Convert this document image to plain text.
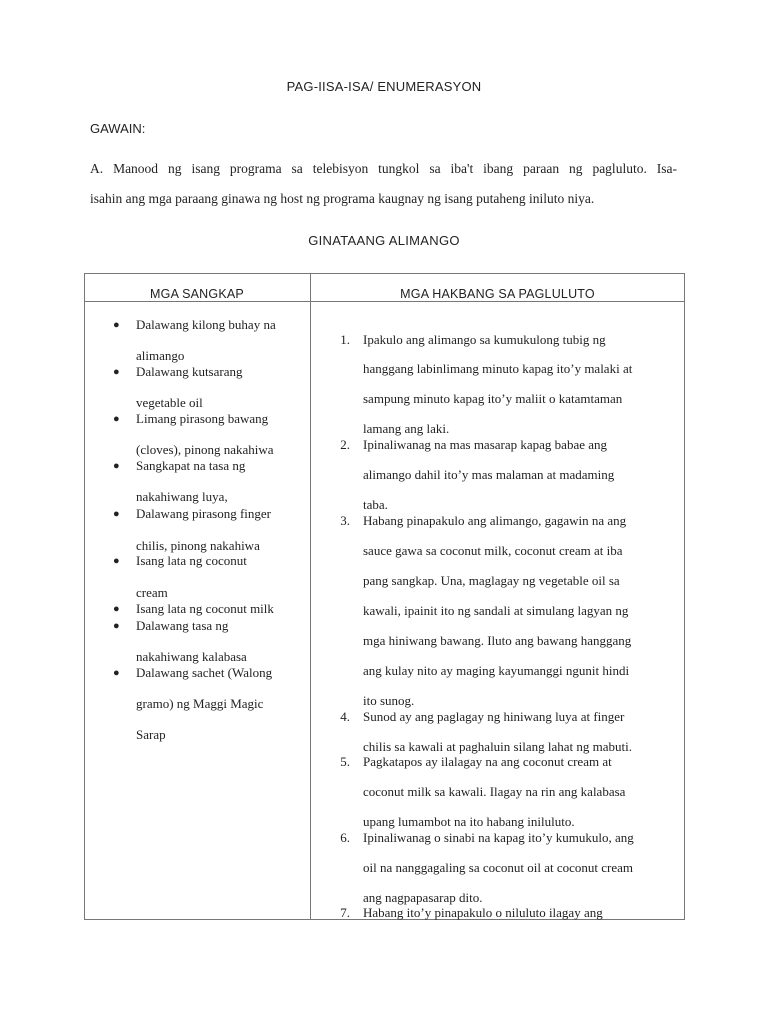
PAG-IISA-ISA/ ENUMERASYON

GAWAIN:

A. Manood ng isang programa sa telebisyon tungkol sa iba't ibang paraan ng pagluluto. Isa-

isahin ang mga paraang ginawa ng host ng programa kaugnay ng isang putaheng iniluto niya.

GINATAANG ALIMANGO

MGA SANGKAP	MGA HAKBANG SA PAGLULUTO

● Dalawang kilong buhay na

alimango

● Dalawang kutsarang

vegetable oil

● Limang pirasong bawang

(cloves), pinong nakahiwa

● Sangkapat na tasa ng

nakahiwang luya,

● Dalawang pirasong finger

chilis, pinong nakahiwa

● Isang lata ng coconut

cream

● Isang lata ng coconut milk

● Dalawang tasa ng

nakahiwang kalabasa

● Dalawang sachet (Walong

gramo) ng Maggi Magic

Sarap

1. Ipakulo ang alimango sa kumukulong tubig ng

hanggang labinlimang minuto kapag ito’y malaki at

sampung minuto kapag ito’y maliit o katamtaman

lamang ang laki.

2. Ipinaliwanag na mas masarap kapag babae ang

alimango dahil ito’y mas malaman at madaming

taba.

3. Habang pinapakulo ang alimango, gagawin na ang

sauce gawa sa coconut milk, coconut cream at iba

pang sangkap. Una, maglagay ng vegetable oil sa

kawali, ipainit ito ng sandali at simulang lagyan ng

mga hiniwang bawang. Iluto ang bawang hanggang

ang kulay nito ay maging kayumanggi ngunit hindi

ito sunog.

4. Sunod ay ang paglagay ng hiniwang luya at finger

chilis sa kawali at paghaluin silang lahat ng mabuti.

5. Pagkatapos ay ilalagay na ang coconut cream at

coconut milk sa kawali. Ilagay na rin ang kalabasa

upang lumambot na ito habang iniluluto.

6. Ipinaliwanag o sinabi na kapag ito’y kumukulo, ang

oil na nanggagaling sa coconut oil at coconut cream

ang nagpapasarap dito.

7. Habang ito’y pinapakulo o niluluto ilagay ang
